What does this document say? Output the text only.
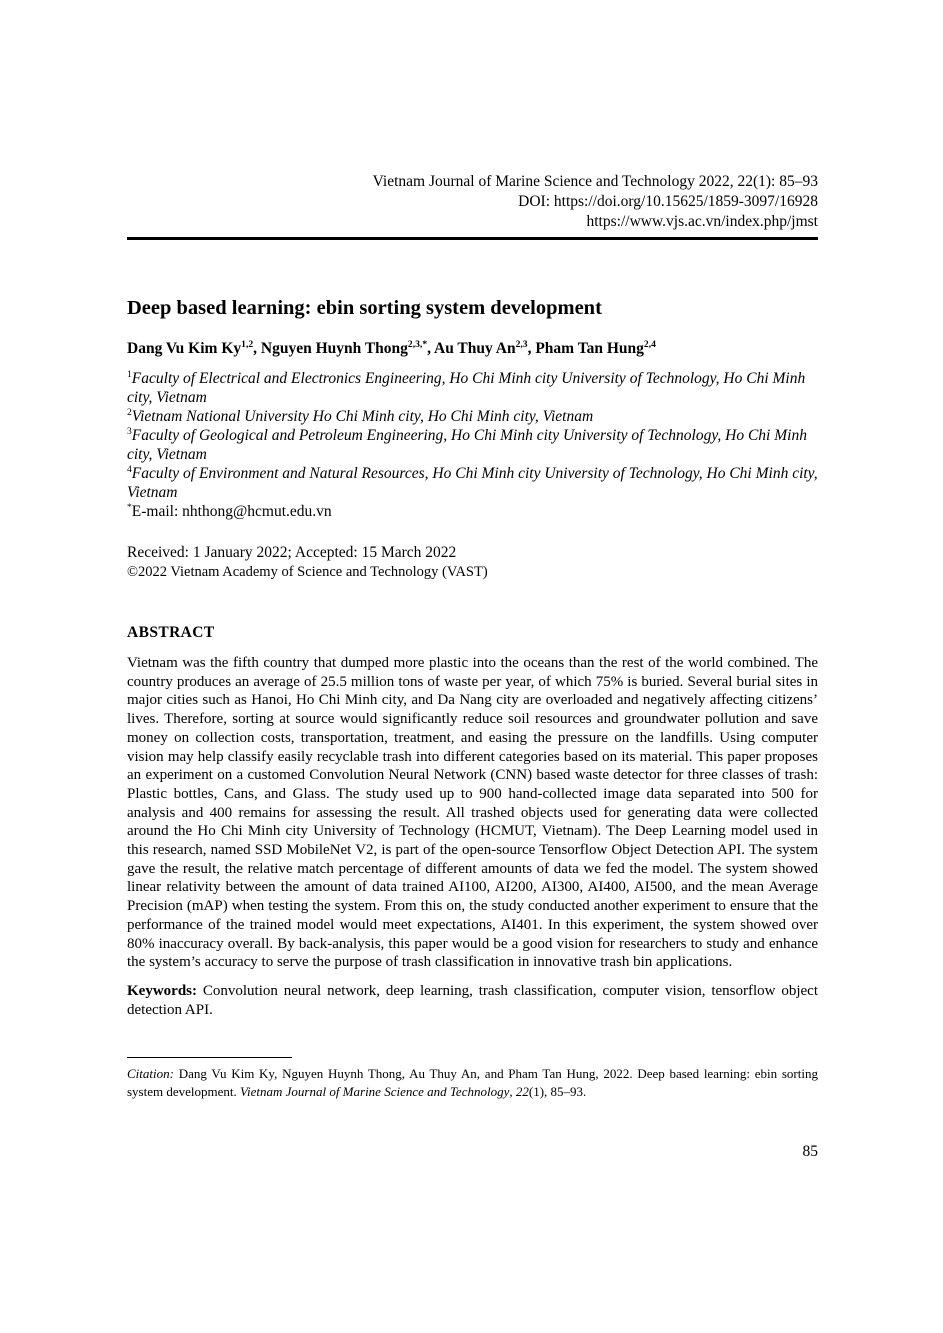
Vietnam Journal of Marine Science and Technology 2022, 22(1): 85–93
DOI: https://doi.org/10.15625/1859-3097/16928
https://www.vjs.ac.vn/index.php/jmst
Deep based learning: ebin sorting system development

Dang Vu Kim Ky$^{1,2}$, Nguyen Huynh Thong$^{2,3,*}$, Au Thuy An$^{2,3}$, Pham Tan Hung$^{2,4}$

$^1$Faculty of Electrical and Electronics Engineering, Ho Chi Minh city University of Technology, Ho Chi Minh city, Vietnam

$^2$Vietnam National University Ho Chi Minh city, Ho Chi Minh city, Vietnam

$^3$Faculty of Geological and Petroleum Engineering, Ho Chi Minh city University of Technology, Ho Chi Minh city, Vietnam

$^4$Faculty of Environment and Natural Resources, Ho Chi Minh city University of Technology, Ho Chi Minh city, Vietnam

*E-mail: nhthong@hcmut.edu.vn

Received: 1 January 2022; Accepted: 15 March 2022

©2022 Vietnam Academy of Science and Technology (VAST)

ABSTRACT

Vietnam was the fifth country that dumped more plastic into the oceans than the rest of the world combined. The country produces an average of 25.5 million tons of waste per year, of which 75% is buried. Several burial sites in major cities such as Hanoi, Ho Chi Minh city, and Da Nang city are overloaded and negatively affecting citizens’ lives. Therefore, sorting at source would significantly reduce soil resources and groundwater pollution and save money on collection costs, transportation, treatment, and easing the pressure on the landfills. Using computer vision may help classify easily recyclable trash into different categories based on its material. This paper proposes an experiment on a customed Convolution Neural Network (CNN) based waste detector for three classes of trash: Plastic bottles, Cans, and Glass. The study used up to 900 hand-collected image data separated into 500 for analysis and 400 remains for assessing the result. All trashed objects used for generating data were collected around the Ho Chi Minh city University of Technology (HCMUT, Vietnam). The Deep Learning model used in this research, named SSD MobileNet V2, is part of the open-source Tensorflow Object Detection API. The system gave the result, the relative match percentage of different amounts of data we fed the model. The system showed linear relativity between the amount of data trained AI100, AI200, AI300, AI400, AI500, and the mean Average Precision (mAP) when testing the system. From this on, the study conducted another experiment to ensure that the performance of the trained model would meet expectations, AI401. In this experiment, the system showed over 80% inaccuracy overall. By back-analysis, this paper would be a good vision for researchers to study and enhance the system’s accuracy to serve the purpose of trash classification in innovative trash bin applications.

Keywords: Convolution neural network, deep learning, trash classification, computer vision, tensorflow object detection API.

Citation: Dang Vu Kim Ky, Nguyen Huynh Thong, Au Thuy An, and Pham Tan Hung, 2022. Deep based learning: ebin sorting system development. Vietnam Journal of Marine Science and Technology, 22(1), 85–93.

85
